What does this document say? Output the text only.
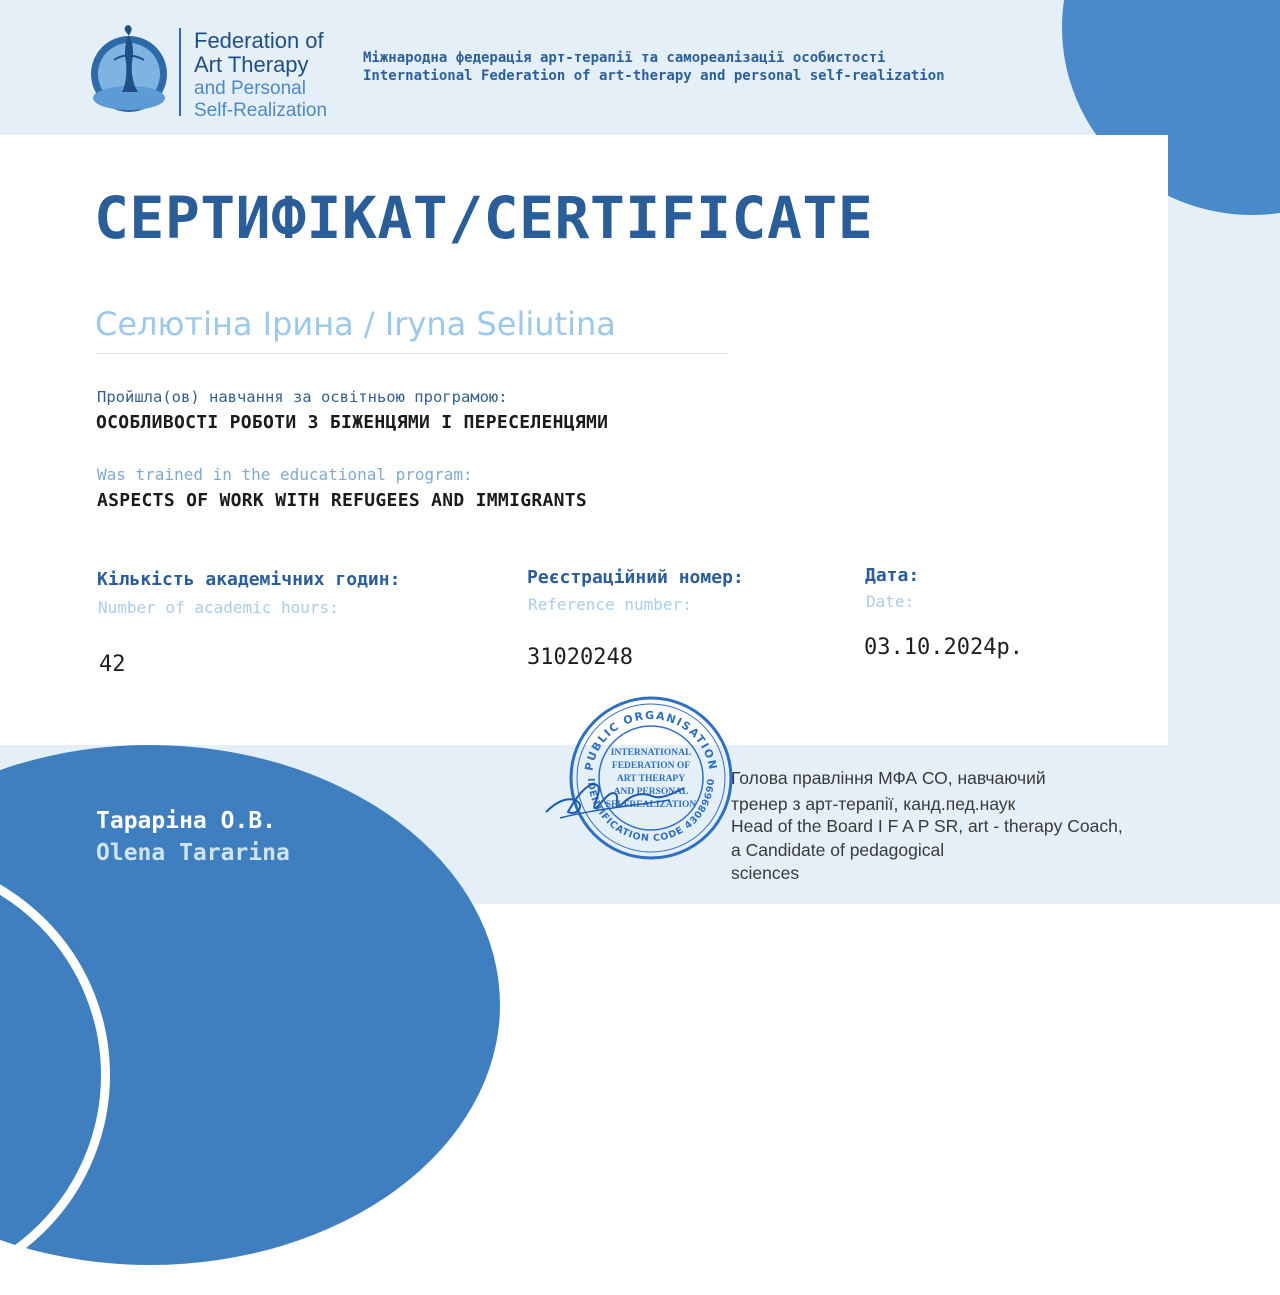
Federation of
Art Therapy
and Personal
Self-Realization
Міжнародна федерація арт-терапії та самореалізації особистості
International Federation of art-therapy and personal self-realization
СЕРТИФІКАТ/CERTIFICATE
Селютіна Ірина / Iryna Seliutina
Пройшла(ов) навчання за освітньою програмою:
ОСОБЛИВОСТІ РОБОТИ З БІЖЕНЦЯМИ І ПЕРЕСЕЛЕНЦЯМИ
Was trained in the educational program:
ASPECTS OF WORK WITH REFUGEES AND IMMIGRANTS
Кількість академічних годин:
Number of academic hours:
42
Реєстраційний номер:
Reference number:
31020248
Дата:
Date:
03.10.2024р.
PUBLIC ORGANISATION
IDENTIFICATION CODE 43089690
INTERNATIONAL
FEDERATION OF
ART THERAPY
AND PERSONAL
SELFREALIZATION
Тараріна О.В.
Olena Tararina
Голова правління МФА СО, навчаючий
тренер з арт-терапії, канд.пед.наук
Head of the Board I F A P SR, art - therapy Coach,
a Candidate of pedagogical
sciences
